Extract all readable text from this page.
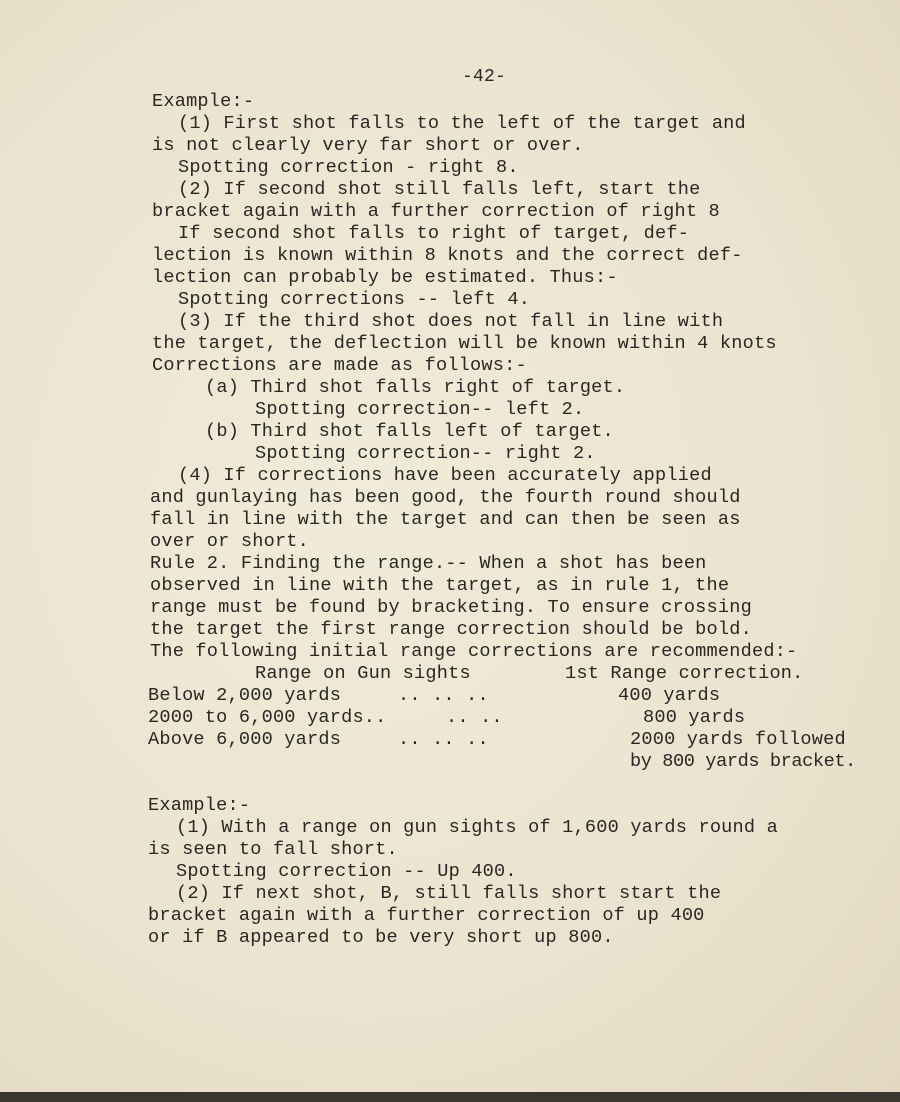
-42-
Example:-
(1) First shot falls to the left of the target and
is not clearly very far short or over.
Spotting correction - right 8.
(2) If second shot still falls left, start the
bracket again with a further correction of right 8
If second shot falls to right of target, def-
lection is known within 8 knots and the correct def-
lection can probably be estimated. Thus:-
Spotting corrections -- left 4.
(3) If the third shot does not fall in line with
the target, the deflection will be known within 4 knots
Corrections are made as follows:-
(a) Third shot falls right of target.
Spotting correction-- left 2.
(b) Third shot falls left of target.
Spotting correction-- right 2.
(4) If corrections have been accurately applied
and gunlaying has been good, the fourth round should
fall in line with the target and can then be seen as
over or short.
Rule 2. Finding the range.-- When a shot has been
observed in line with the target, as in rule 1, the
range must be found by bracketing. To ensure crossing
the target the first range correction should be bold.
The following initial range corrections are recommended:-
Range on Gun sights	1st Range correction.
Below 2,000 yards	.. .. ..	400 yards
2000 to 6,000 yards..	.. ..	800 yards
Above 6,000 yards	.. .. ..	2000 yards followed
by 800 yards bracket.
Example:-
(1) With a range on gun sights of 1,600 yards round a
is seen to fall short.
Spotting correction -- Up 400.
(2) If next shot, B, still falls short start the
bracket again with a further correction of up 400
or if B appeared to be very short up 800.
